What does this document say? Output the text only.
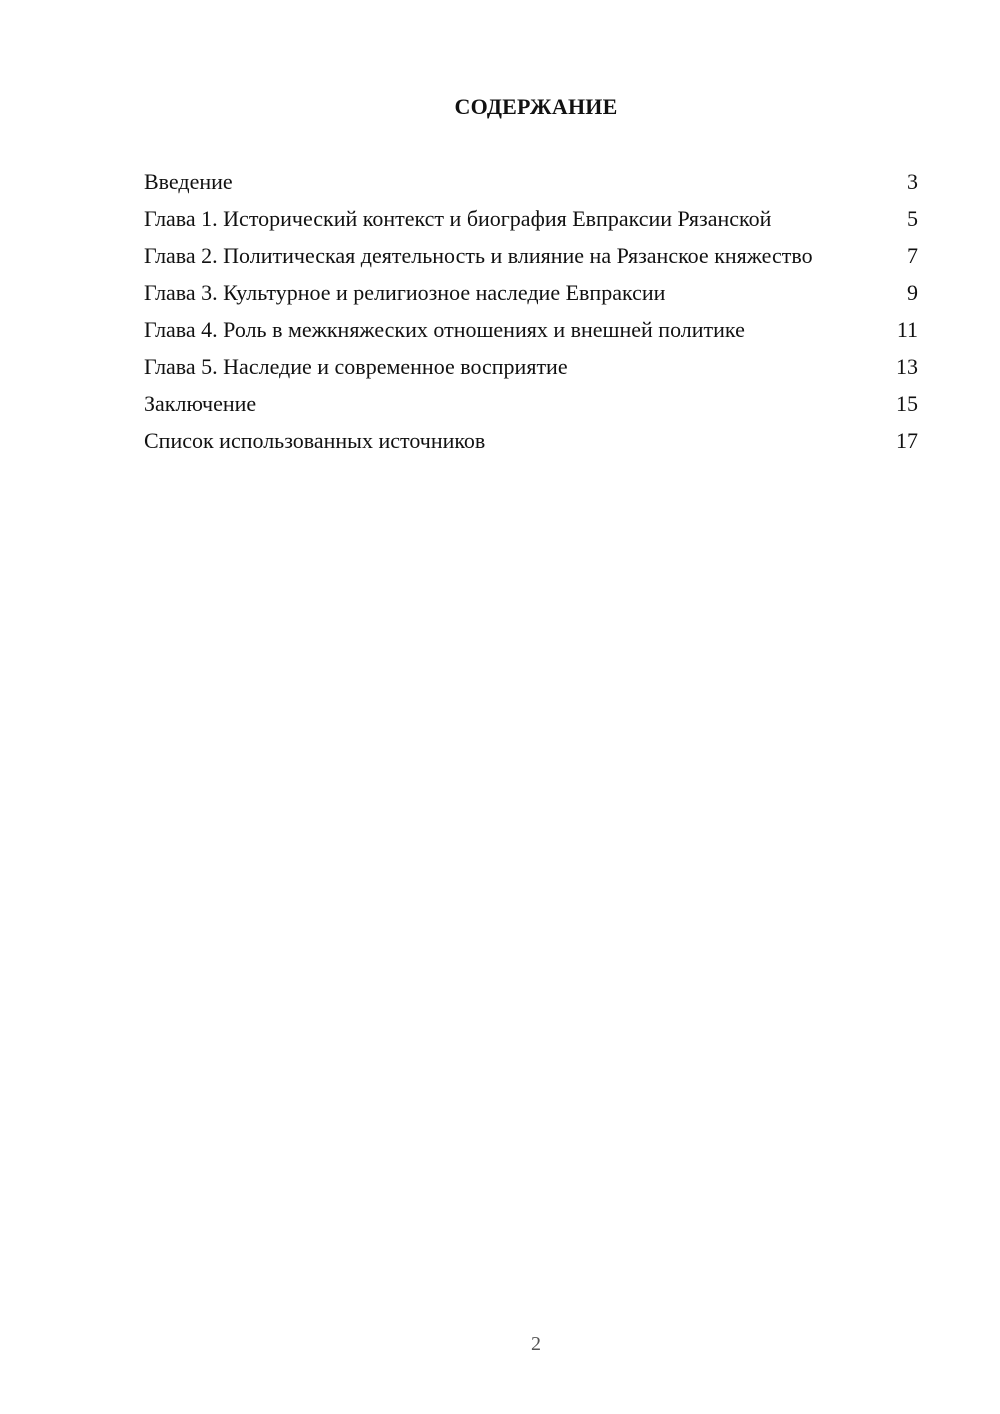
СОДЕРЖАНИЕ
Введение	3
Глава 1. Исторический контекст и биография Евпраксии Рязанской	5
Глава 2. Политическая деятельность и влияние на Рязанское княжество	7
Глава 3. Культурное и религиозное наследие Евпраксии	9
Глава 4. Роль в межкняжеских отношениях и внешней политике	11
Глава 5. Наследие и современное восприятие	13
Заключение	15
Список использованных источников	17
2
